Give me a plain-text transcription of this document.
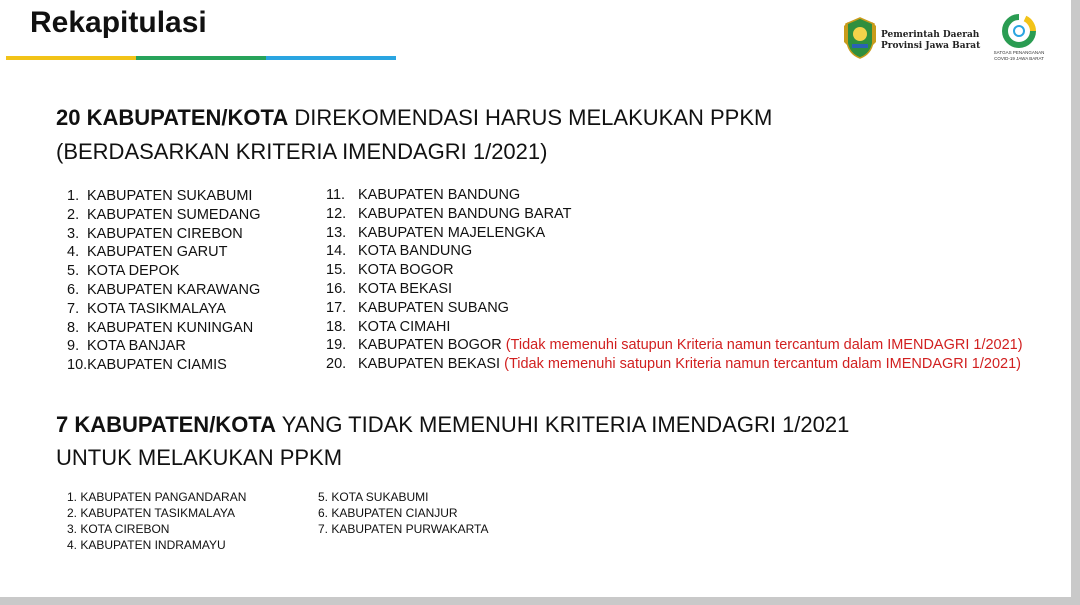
Rekapitulasi	Pemerintah Daerah
Provinsi Jawa Barat
SATGAS PENANGANAN
COVID-19 JAWA BARAT
20 KABUPATEN/KOTA DIREKOMENDASI HARUS MELAKUKAN PPKM
(BERDASARKAN KRITERIA IMENDAGRI 1/2021)
1. KABUPATEN SUKABUMI
2. KABUPATEN SUMEDANG
3. KABUPATEN CIREBON
4. KABUPATEN GARUT
5. KOTA DEPOK
6. KABUPATEN KARAWANG
7. KOTA TASIKMALAYA
8. KABUPATEN KUNINGAN
9. KOTA BANJAR
10.KABUPATEN CIAMIS
11. KABUPATEN BANDUNG
12. KABUPATEN BANDUNG BARAT
13. KABUPATEN MAJELENGKA
14. KOTA BANDUNG
15. KOTA BOGOR
16. KOTA BEKASI
17. KABUPATEN SUBANG
18. KOTA CIMAHI
19. KABUPATEN BOGOR (Tidak memenuhi satupun Kriteria namun tercantum dalam IMENDAGRI 1/2021)
20. KABUPATEN BEKASI (Tidak memenuhi satupun Kriteria namun tercantum dalam IMENDAGRI 1/2021)
7 KABUPATEN/KOTA YANG TIDAK MEMENUHI KRITERIA IMENDAGRI 1/2021
UNTUK MELAKUKAN PPKM
1. KABUPATEN PANGANDARAN
2. KABUPATEN TASIKMALAYA
3. KOTA CIREBON
4. KABUPATEN INDRAMAYU
5. KOTA SUKABUMI
6. KABUPATEN CIANJUR
7. KABUPATEN PURWAKARTA
